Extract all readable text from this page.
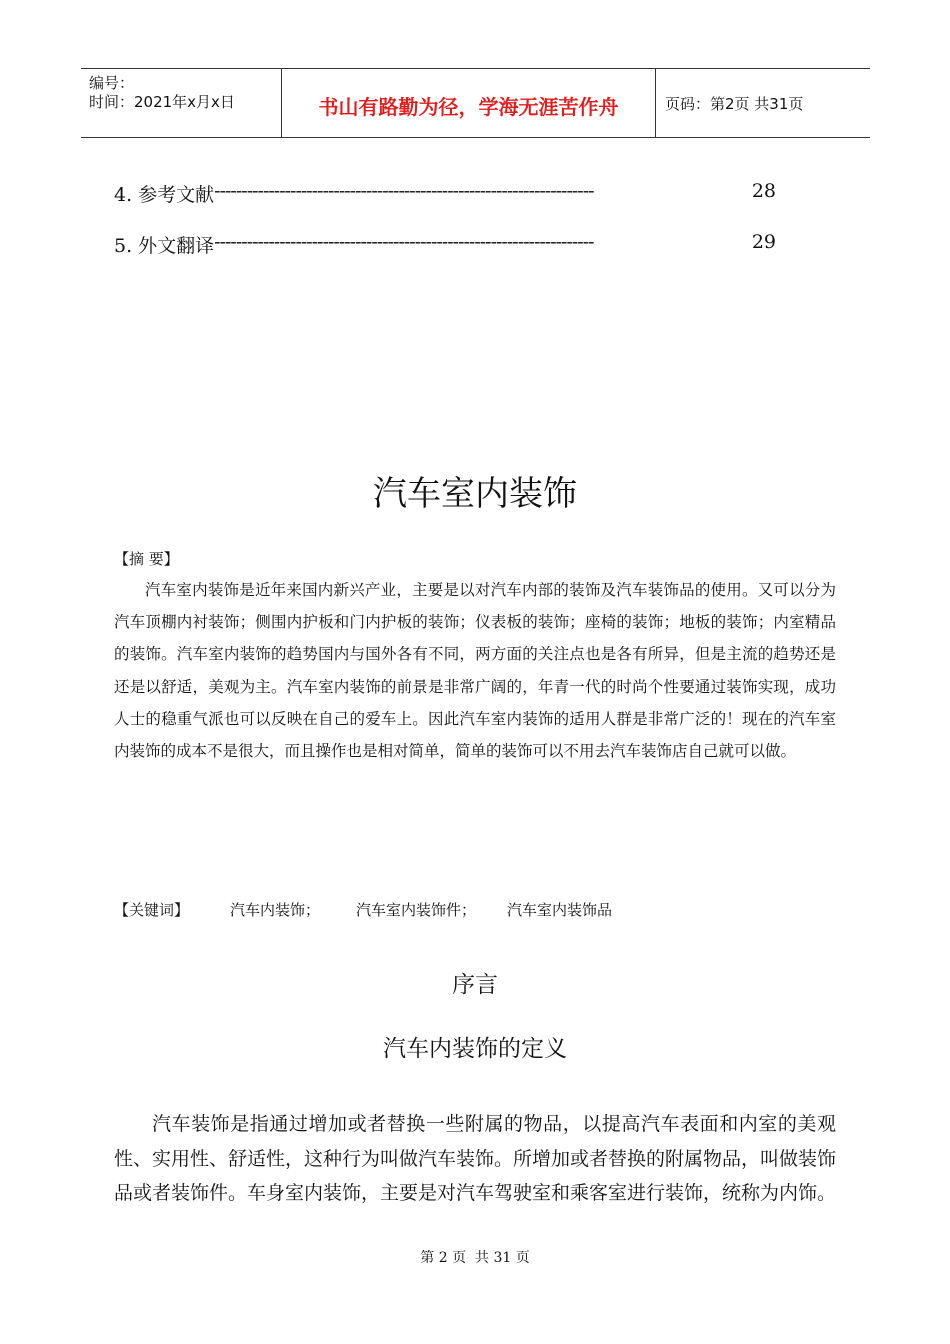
编号：
时间：2021年x月x日	书山有路勤为径，学海无涯苦作舟	页码：第2页 共31页
4. 参考文献 ----------------------------------------------------------------------	28
5. 外文翻译 ----------------------------------------------------------------------	29
汽车室内装饰
【摘 要】
汽车室内装饰是近年来国内新兴产业，主要是以对汽车内部的装饰及汽车装饰品的使用。又可以分为汽车顶棚内衬装饰；侧围内护板和门内护板的装饰；仪表板的装饰；座椅的装饰；地板的装饰；内室精品的装饰。汽车室内装饰的趋势国内与国外各有不同，两方面的关注点也是各有所异，但是主流的趋势还是还是以舒适，美观为主。汽车室内装饰的前景是非常广阔的，年青一代的时尚个性要通过装饰实现，成功人士的稳重气派也可以反映在自己的爱车上。因此汽车室内装饰的适用人群是非常广泛的！现在的汽车室内装饰的成本不是很大，而且操作也是相对简单，简单的装饰可以不用去汽车装饰店自己就可以做。
【关键词】	汽车内装饰； 汽车室内装饰件； 汽车室内装饰品
序言
汽车内装饰的定义
汽车装饰是指通过增加或者替换一些附属的物品，以提高汽车表面和内室的美观性、实用性、舒适性，这种行为叫做汽车装饰。所增加或者替换的附属物品，叫做装饰品或者装饰件。车身室内装饰，主要是对汽车驾驶室和乘客室进行装饰，统称为内饰。
第 2 页  共 31 页
